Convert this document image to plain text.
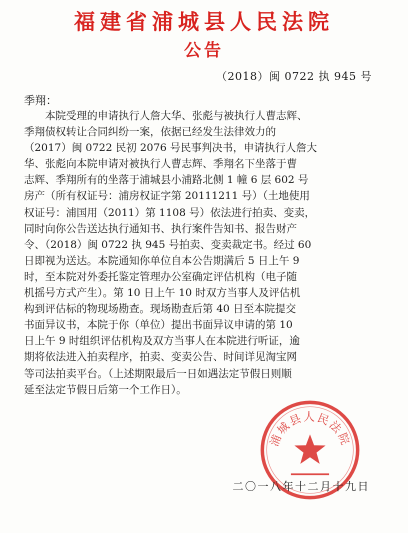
福建省浦城县人民法院
公告
（2018）闽 0722 执 945 号
季翔：
本院受理的申请执行人詹大华、张彪与被执行人曹志辉、
季翔债权转让合同纠纷一案，依据已经发生法律效力的
（2017）闽 0722 民初 2076 号民事判决书，申请执行人詹大
华、张彪向本院申请对被执行人曹志辉、季翔名下坐落于曹
志辉、季翔所有的坐落于浦城县小浦路北侧 1 幢 6 层 602 号
房产（所有权证号：浦房权证字第 20111211 号）（土地使用
权证号：浦国用（2011）第 1108 号）依法进行拍卖、变卖，
同时向你公告送达执行通知书、执行案件告知书、报告财产
令、（2018）闽 0722 执 945 号拍卖、变卖裁定书。经过 60
日即视为送达。本院通知你单位自本公告期满后 5 日上午 9
时，至本院对外委托鉴定管理办公室确定评估机构（电子随
机摇号方式产生）。第 10 日上午 10 时双方当事人及评估机
构到评估标的物现场勘查。现场勘查后第 40 日至本院提交
书面异议书，本院于你（单位）提出书面异议申请的第 10
日上午 9 时组织评估机构及双方当事人在本院进行听证，逾
期将依法进入拍卖程序，拍卖、变卖公告、时间详见淘宝网
等司法拍卖平台。（上述期限最后一日如遇法定节假日则顺
延至法定节假日后第一个工作日）。
浦城县人民法院
二〇一八年十二月十九日
